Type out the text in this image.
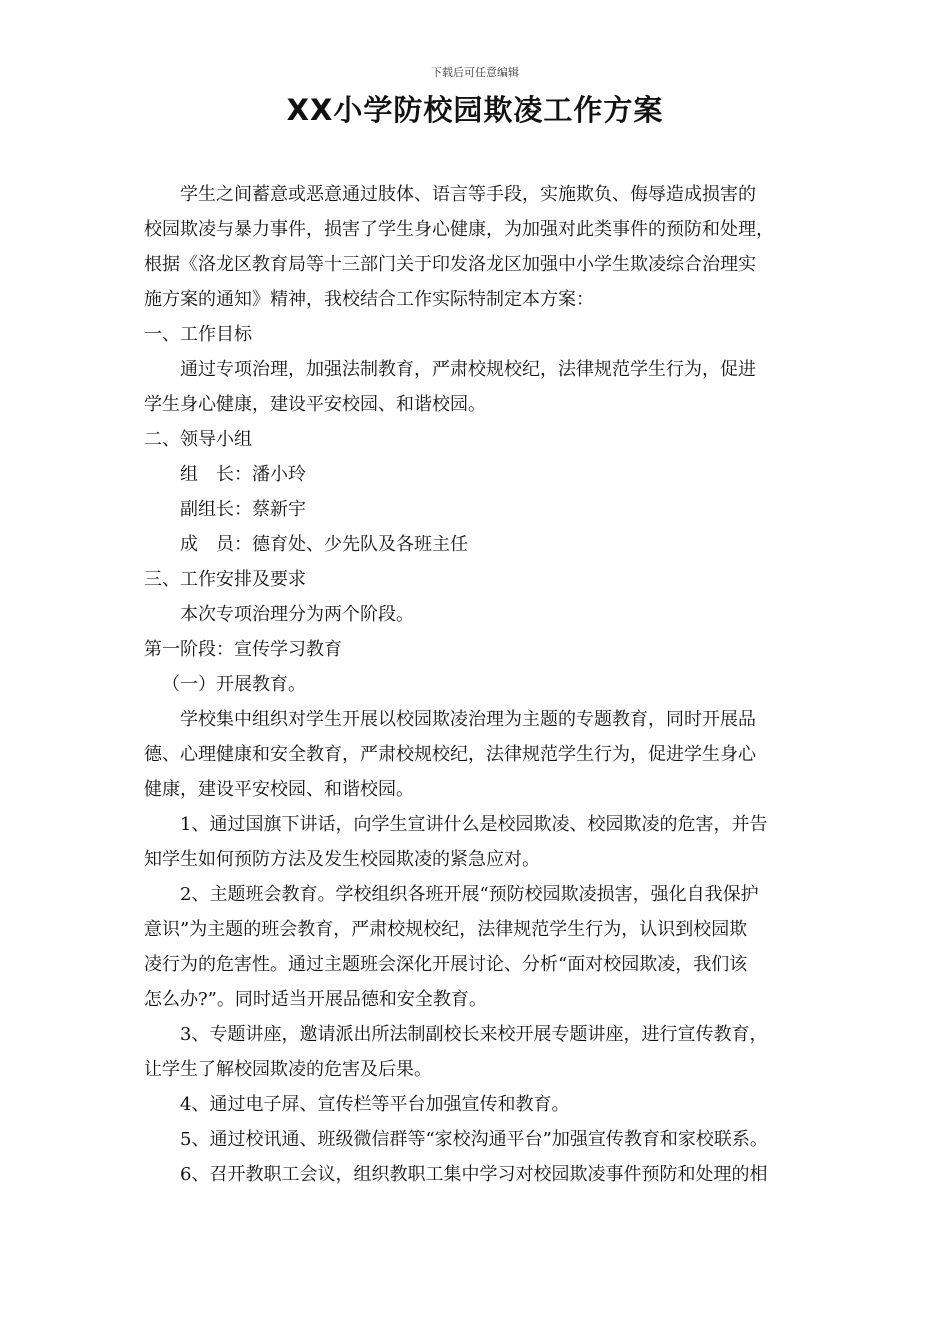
下载后可任意编辑
XX小学防校园欺凌工作方案
学生之间蓄意或恶意通过肢体、语言等手段，实施欺负、侮辱造成损害的
校园欺凌与暴力事件，损害了学生身心健康，为加强对此类事件的预防和处理，
根据《洛龙区教育局等十三部门关于印发洛龙区加强中小学生欺凌综合治理实
施方案的通知》精神，我校结合工作实际特制定本方案：
一、工作目标
通过专项治理，加强法制教育，严肃校规校纪，法律规范学生行为，促进
学生身心健康，建设平安校园、和谐校园。
二、领导小组
组　长：潘小玲
副组长：蔡新宇
成　员：德育处、少先队及各班主任
三、工作安排及要求
本次专项治理分为两个阶段。
第一阶段：宣传学习教育
（一）开展教育。
学校集中组织对学生开展以校园欺凌治理为主题的专题教育，同时开展品
德、心理健康和安全教育，严肃校规校纪，法律规范学生行为，促进学生身心
健康，建设平安校园、和谐校园。
1、通过国旗下讲话，向学生宣讲什么是校园欺凌、校园欺凌的危害，并告
知学生如何预防方法及发生校园欺凌的紧急应对。
2、主题班会教育。学校组织各班开展“预防校园欺凌损害，强化自我保护
意识”为主题的班会教育，严肃校规校纪，法律规范学生行为，认识到校园欺
凌行为的危害性。通过主题班会深化开展讨论、分析“面对校园欺凌，我们该
怎么办?”。同时适当开展品德和安全教育。
3、专题讲座，邀请派出所法制副校长来校开展专题讲座，进行宣传教育，
让学生了解校园欺凌的危害及后果。
4、通过电子屏、宣传栏等平台加强宣传和教育。
5、通过校讯通、班级微信群等“家校沟通平台”加强宣传教育和家校联系。
6、召开教职工会议，组织教职工集中学习对校园欺凌事件预防和处理的相
